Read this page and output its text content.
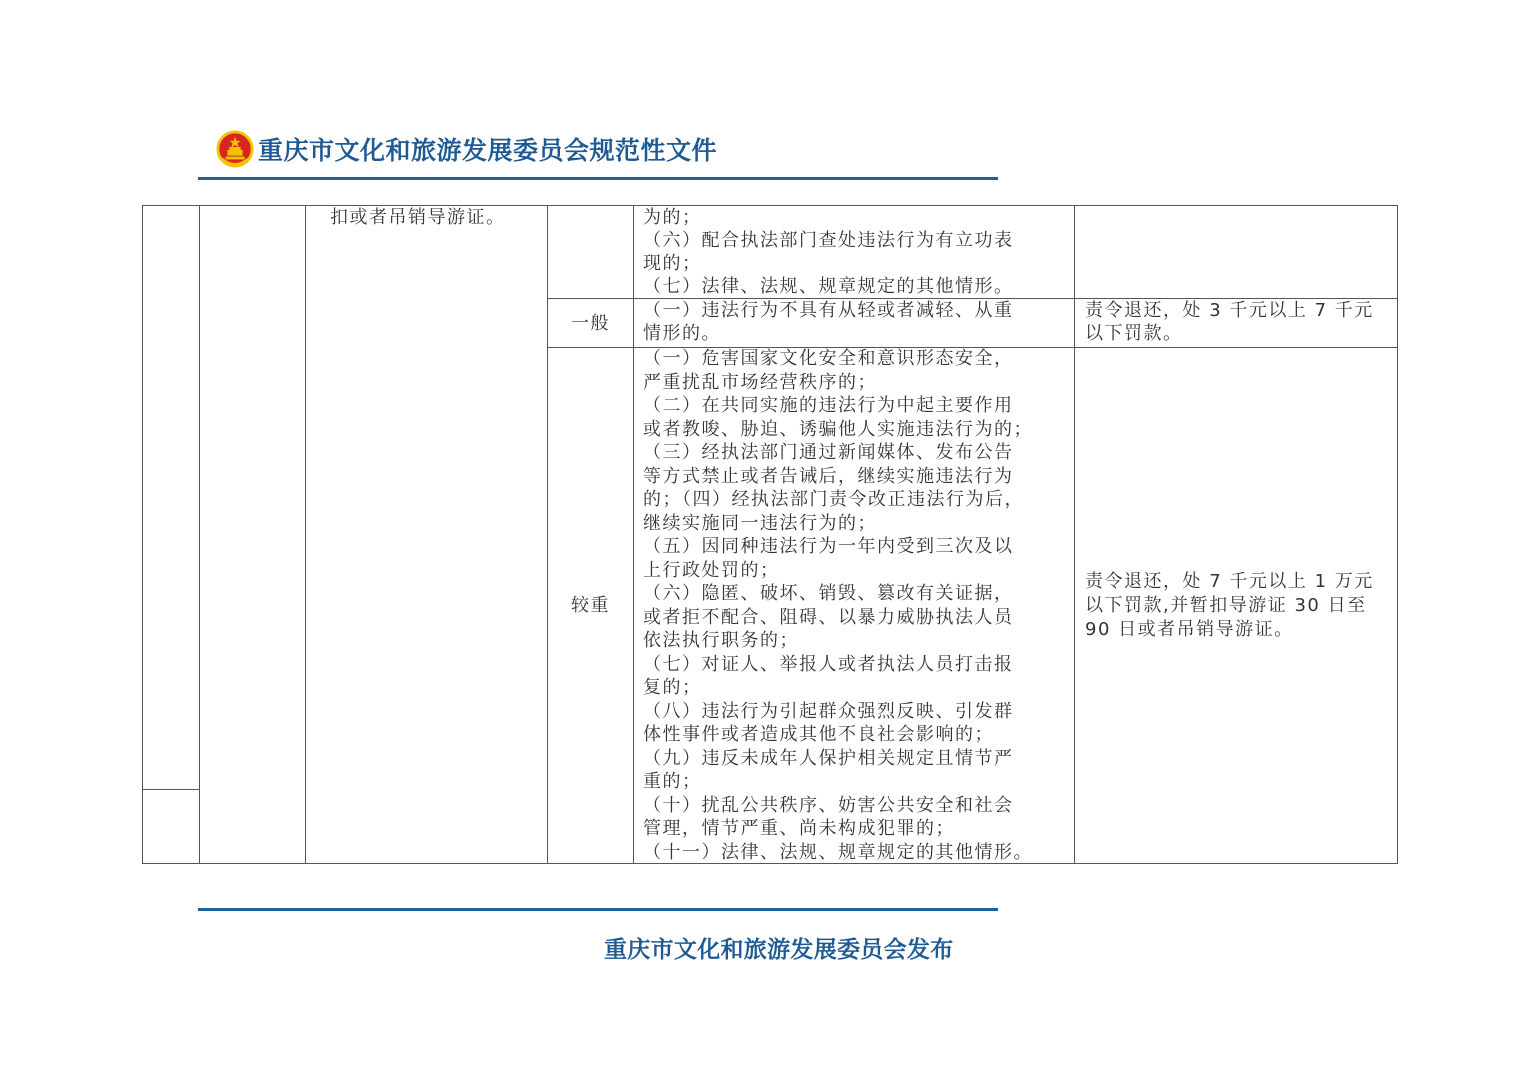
重庆市文化和旅游发展委员会规范性文件
扣或者吊销导游证。	为的；
（六）配合执法部门查处违法行为有立功表
现的；
（七）法律、法规、规章规定的其他情形。
一般
（一）违法行为不具有从轻或者减轻、从重
情形的。
责令退还，处 3 千元以上 7 千元
以下罚款。
较重
（一）危害国家文化安全和意识形态安全，
严重扰乱市场经营秩序的；
（二）在共同实施的违法行为中起主要作用
或者教唆、胁迫、诱骗他人实施违法行为的；
（三）经执法部门通过新闻媒体、发布公告
等方式禁止或者告诫后，继续实施违法行为
的；（四）经执法部门责令改正违法行为后，
继续实施同一违法行为的；
（五）因同种违法行为一年内受到三次及以
上行政处罚的；
（六）隐匿、破坏、销毁、篡改有关证据，
或者拒不配合、阻碍、以暴力威胁执法人员
依法执行职务的；
（七）对证人、举报人或者执法人员打击报
复的；
（八）违法行为引起群众强烈反映、引发群
体性事件或者造成其他不良社会影响的；
（九）违反未成年人保护相关规定且情节严
重的；
（十）扰乱公共秩序、妨害公共安全和社会
管理，情节严重、尚未构成犯罪的；
（十一）法律、法规、规章规定的其他情形。
责令退还，处 7 千元以上 1 万元
以下罚款,并暂扣导游证 30 日至
90 日或者吊销导游证。
重庆市文化和旅游发展委员会发布
